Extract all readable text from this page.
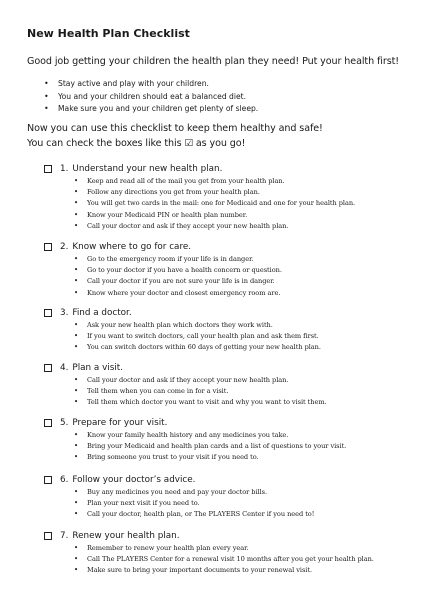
New Health Plan Checklist
Good job getting your children the health plan they need! Put your health first!
• Stay active and play with your children.
• You and your children should eat a balanced diet.
• Make sure you and your children get plenty of sleep.
Now you can use this checklist to keep them healthy and safe!
You can check the boxes like this ☑ as you go!
1. Understand your new health plan.
• Keep and read all of the mail you get from your health plan.
• Follow any directions you get from your health plan.
• You will get two cards in the mail: one for Medicaid and one for your health plan.
• Know your Medicaid PIN or health plan number.
• Call your doctor and ask if they accept your new health plan.
2. Know where to go for care.
• Go to the emergency room if your life is in danger.
• Go to your doctor if you have a health concern or question.
• Call your doctor if you are not sure your life is in danger.
• Know where your doctor and closest emergency room are.
3. Find a doctor.
• Ask your new health plan which doctors they work with.
• If you want to switch doctors, call your health plan and ask them first.
• You can switch doctors within 60 days of getting your new health plan.
4. Plan a visit.
• Call your doctor and ask if they accept your new health plan.
• Tell them when you can come in for a visit.
• Tell them which doctor you want to visit and why you want to visit them.
5. Prepare for your visit.
• Know your family health history and any medicines you take.
• Bring your Medicaid and health plan cards and a list of questions to your visit.
• Bring someone you trust to your visit if you need to.
6. Follow your doctor’s advice.
• Buy any medicines you need and pay your doctor bills.
• Plan your next visit if you need to.
• Call your doctor, health plan, or The PLAYERS Center if you need to!
7. Renew your health plan.
• Remember to renew your health plan every year.
• Call The PLAYERS Center for a renewal visit 10 months after you get your health plan.
• Make sure to bring your important documents to your renewal visit.
